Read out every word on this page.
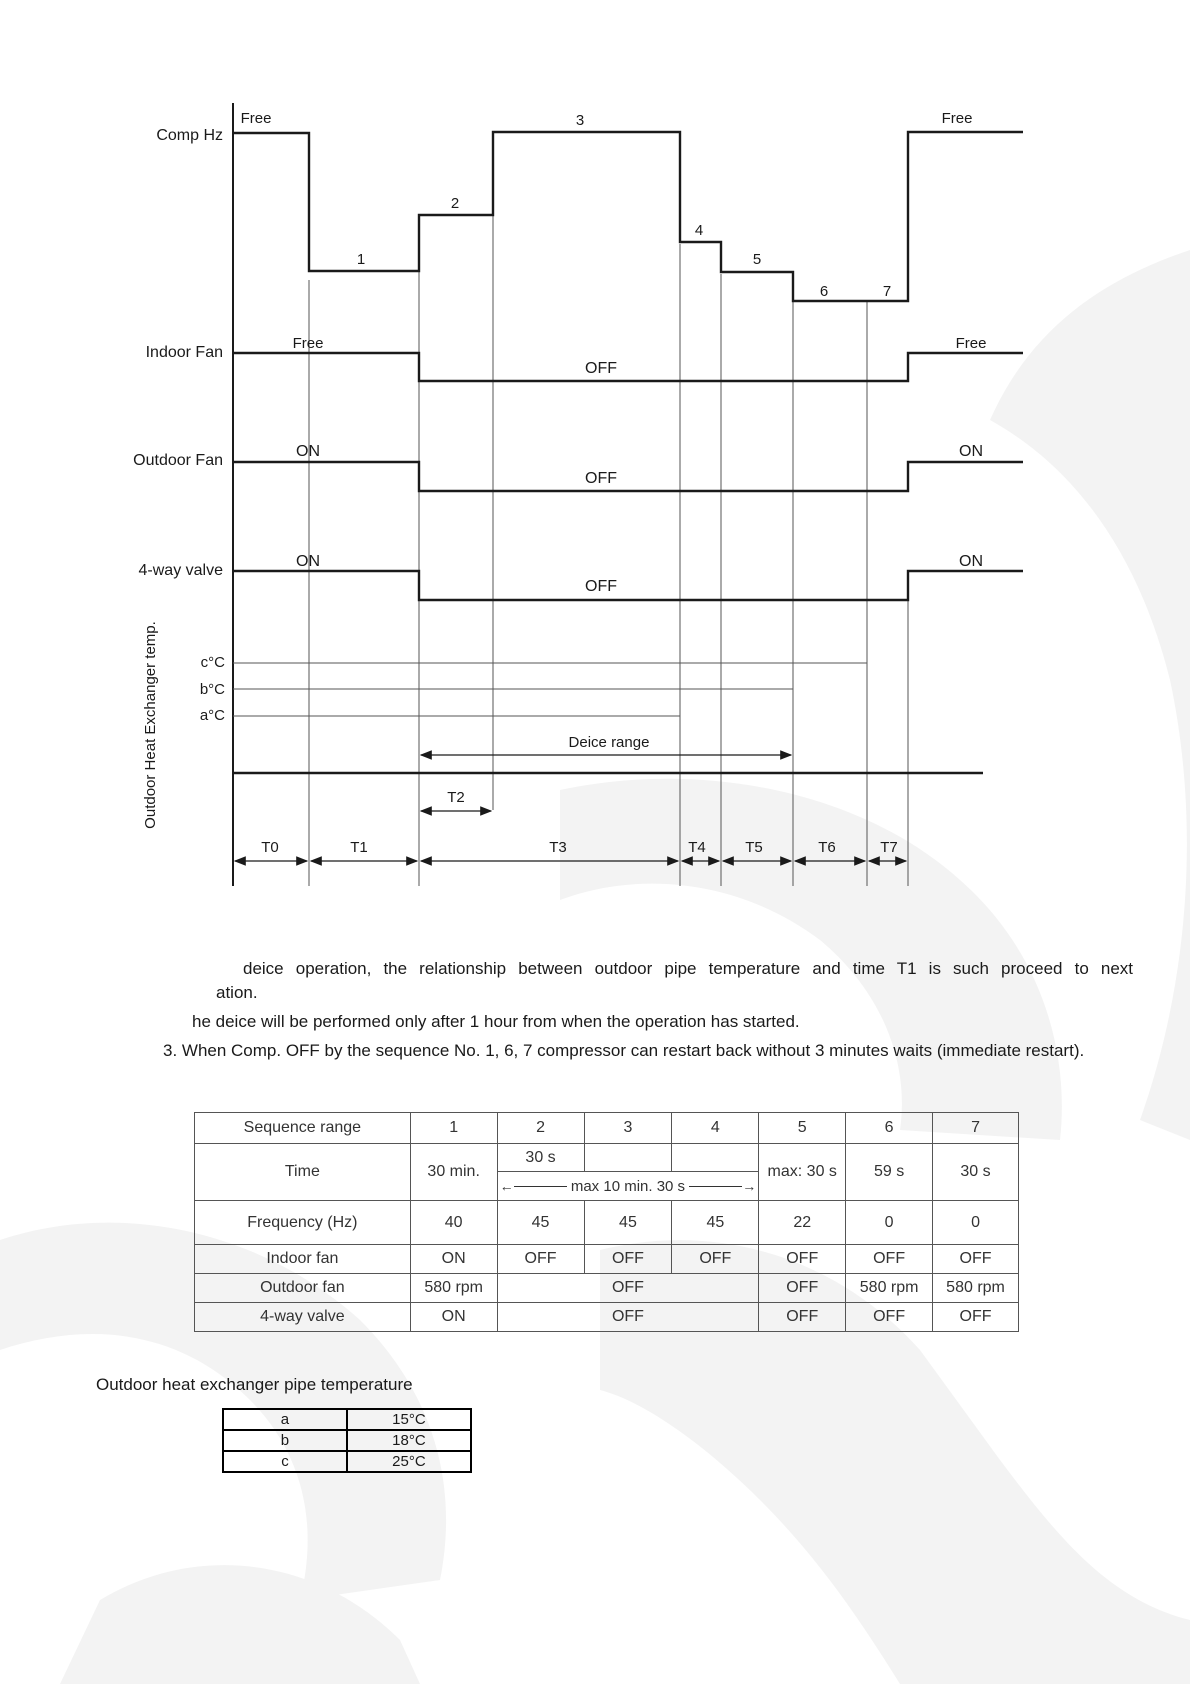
Comp Hz
Indoor Fan
Outdoor Fan
4-way valve
Outdoor Heat Exchanger temp.
Free	Free
1
2
3
4
5
6	7
Free
OFF
Free
ON
OFF
ON
ON
OFF
ON
c°C
b°C
a°C
Deice range
T2
T0	T1	T3	T4	T5	T6	T7
deice operation, the relationship between outdoor pipe temperature and time T1 is such proceed to next
ation.
he deice will be performed only after 1 hour from when the operation has started.
3. When Comp. OFF by the sequence No. 1, 6, 7 compressor can restart back without 3 minutes waits (immediate restart).
Sequence range	1	2	3	4	5	6	7
Time	30 min.	30 s			max: 30 s	59 s	30 s

		← max 10 min. 30 s →					

Frequency (Hz)	40	45	45	45	22	0	0
Indoor fan	ON	OFF	OFF	OFF	OFF	OFF	OFF
Outdoor fan	580 rpm	OFF			OFF	580 rpm	580 rpm
4-way valve	ON	OFF			OFF	OFF	OFF
Outdoor heat exchanger pipe temperature
a	15°C
b	18°C
c	25°C
